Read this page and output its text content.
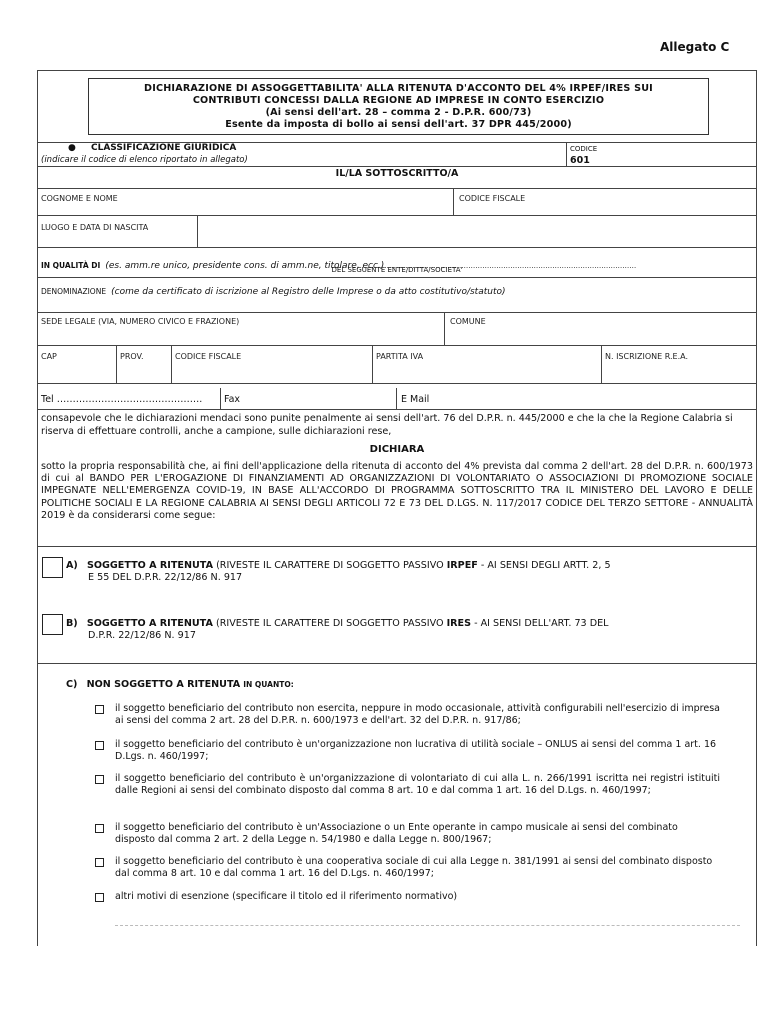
Allegato C
DICHIARAZIONE DI ASSOGGETTABILITA' ALLA RITENUTA D'ACCONTO DEL 4% IRPEF/IRES SUI
CONTRIBUTI CONCESSI DALLA REGIONE AD IMPRESE IN CONTO ESERCIZIO
(Ai sensi dell'art. 28 – comma 2 - D.P.R. 600/73)
Esente da imposta di bollo ai sensi dell'art. 37 DPR 445/2000)
● CLASSIFICAZIONE GIURIDICA
(indicare il codice di elenco riportato in allegato)
CODICE
601
IL/LA SOTTOSCRITTO/A
COGNOME E NOME	CODICE FISCALE
LUOGO E DATA DI NASCITA
IN QUALITÀ DI (es. amm.re unico, presidente cons. di amm.ne, titolare, ecc.)………………………………………………………………………………………………
DEL SEGUENTE ENTE/DITTA/SOCIETA'
DENOMINAZIONE (come da certificato di iscrizione al Registro delle Imprese o da atto costitutivo/statuto)
SEDE LEGALE (VIA, NUMERO CIVICO E FRAZIONE)	COMUNE
CAP	PROV.	CODICE FISCALE	PARTITA IVA	N. ISCRIZIONE R.E.A.
Tel ………………………………………. Fax	E Mail
consapevole che le dichiarazioni mendaci sono punite penalmente ai sensi dell'art. 76 del D.P.R. n. 445/2000 e che la che la Regione Calabria si riserva di effettuare controlli, anche a campione, sulle dichiarazioni rese,
DICHIARA
sotto la propria responsabilità che, ai fini dell'applicazione della ritenuta di acconto del 4% prevista dal comma 2 dell'art. 28 del D.P.R. n. 600/1973 di cui al BANDO PER L'EROGAZIONE DI FINANZIAMENTI AD ORGANIZZAZIONI DI VOLONTARIATO O ASSOCIAZIONI DI PROMOZIONE SOCIALE IMPEGNATE NELL'EMERGENZA COVID-19, IN BASE ALL'ACCORDO DI PROGRAMMA SOTTOSCRITTO TRA IL MINISTERO DEL LAVORO E DELLE POLITICHE SOCIALI E LA REGIONE CALABRIA AI SENSI DEGLI ARTICOLI 72 E 73 DEL D.LGS. N. 117/2017 CODICE DEL TERZO SETTORE - ANNUALITÀ 2019 è da considerarsi come segue:
A) SOGGETTO A RITENUTA (RIVESTE IL CARATTERE DI SOGGETTO PASSIVO IRPEF - AI SENSI DEGLI ARTT. 2, 5
E 55 DEL D.P.R. 22/12/86 N. 917
B) SOGGETTO A RITENUTA (RIVESTE IL CARATTERE DI SOGGETTO PASSIVO IRES - AI SENSI DELL'ART. 73 DEL
D.P.R. 22/12/86 N. 917
C) NON SOGGETTO A RITENUTA IN QUANTO:
il soggetto beneficiario del contributo non esercita, neppure in modo occasionale, attività configurabili nell'esercizio di impresa ai sensi del comma 2 art. 28 del D.P.R. n. 600/1973 e dell'art. 32 del D.P.R. n. 917/86;
il soggetto beneficiario del contributo è un'organizzazione non lucrativa di utilità sociale – ONLUS ai sensi del comma 1 art. 16 D.Lgs. n. 460/1997;
il soggetto beneficiario del contributo è un'organizzazione di volontariato di cui alla L. n. 266/1991 iscritta nei registri istituiti dalle Regioni ai sensi del combinato disposto dal comma 8 art. 10 e dal comma 1 art. 16 del D.Lgs. n. 460/1997;
il soggetto beneficiario del contributo è un'Associazione o un Ente operante in campo musicale ai sensi del combinato disposto dal comma 2 art. 2 della Legge n. 54/1980 e dalla Legge n. 800/1967;
il soggetto beneficiario del contributo è una cooperativa sociale di cui alla Legge n. 381/1991 ai sensi del combinato disposto dal comma 8 art. 10 e dal comma 1 art. 16 del D.Lgs. n. 460/1997;
altri motivi di esenzione (specificare il titolo ed il riferimento normativo)
